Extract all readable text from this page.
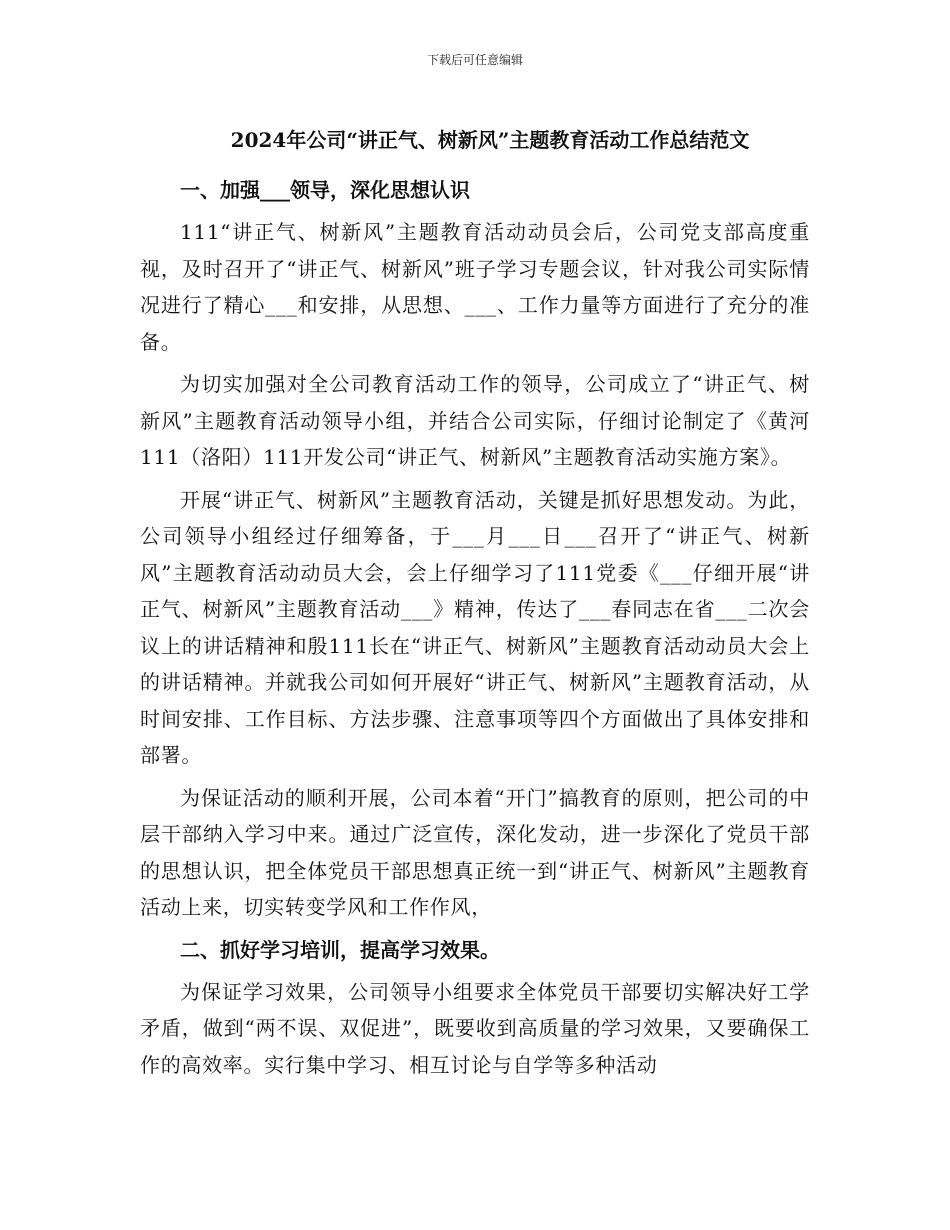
下载后可任意编辑
2024年公司“讲正气、树新风”主题教育活动工作总结范文
一、加强___领导，深化思想认识

111“讲正气、树新风”主题教育活动动员会后，公司党支部高度重视，及时召开了“讲正气、树新风”班子学习专题会议，针对我公司实际情况进行了精心___和安排，从思想、___、工作力量等方面进行了充分的准备。

为切实加强对全公司教育活动工作的领导，公司成立了“讲正气、树新风”主题教育活动领导小组，并结合公司实际，仔细讨论制定了《黄河111（洛阳）111开发公司“讲正气、树新风”主题教育活动实施方案》。

开展“讲正气、树新风”主题教育活动，关键是抓好思想发动。为此，公司领导小组经过仔细筹备，于___月___日___召开了“讲正气、树新风”主题教育活动动员大会，会上仔细学习了111党委《___仔细开展“讲正气、树新风”主题教育活动___》精神，传达了___春同志在省___二次会议上的讲话精神和殷111长在“讲正气、树新风”主题教育活动动员大会上的讲话精神。并就我公司如何开展好“讲正气、树新风”主题教育活动，从时间安排、工作目标、方法步骤、注意事项等四个方面做出了具体安排和部署。

为保证活动的顺利开展，公司本着“开门”搞教育的原则，把公司的中层干部纳入学习中来。通过广泛宣传，深化发动，进一步深化了党员干部的思想认识，把全体党员干部思想真正统一到“讲正气、树新风”主题教育活动上来，切实转变学风和工作作风，

二、抓好学习培训，提高学习效果。

为保证学习效果，公司领导小组要求全体党员干部要切实解决好工学矛盾，做到“两不误、双促进”，既要收到高质量的学习效果，又要确保工作的高效率。实行集中学习、相互讨论与自学等多种活动
